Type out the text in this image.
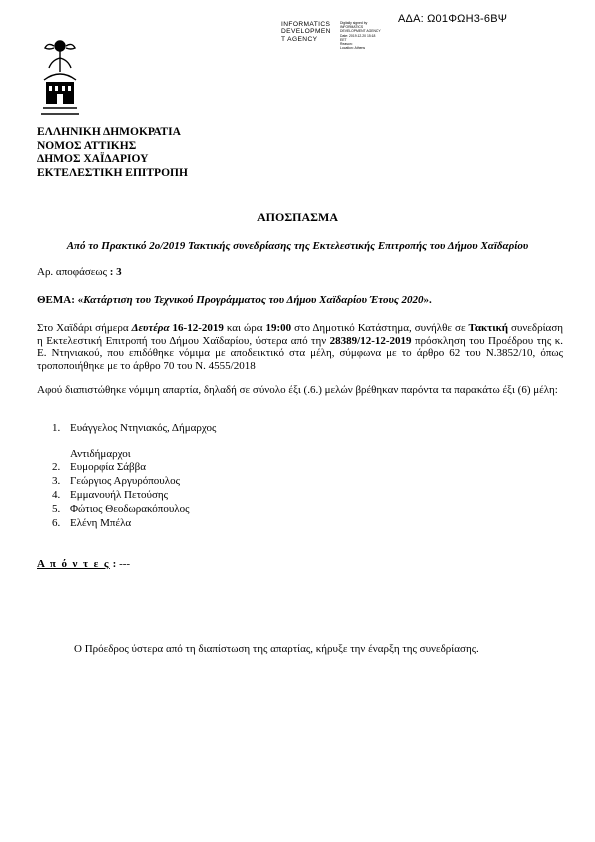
ΑΔΑ: Ω01ΦΩΗ3-6ΒΨ
INFORMATICS
DEVELOPMEN
T AGENCY
Digitally signed by
INFORMATICS
DEVELOPMENT AGENCY
Date: 2019.12.20 15:18
EET
Reason:
Location: Athens
ΕΛΛΗΝΙΚΗ ΔΗΜΟΚΡΑΤΙΑ
ΝΟΜΟΣ ΑΤΤΙΚΗΣ
ΔΗΜΟΣ ΧΑΪΔΑΡΙΟΥ
ΕΚΤΕΛΕΣΤΙΚΗ ΕΠΙΤΡΟΠΗ
ΑΠΟΣΠΑΣΜΑ
Από το Πρακτικό 2ο/2019 Τακτικής συνεδρίασης της Εκτελεστικής Επιτροπής του Δήμου Χαϊδαρίου
Αρ. αποφάσεως : 3
ΘΕΜΑ: «Κατάρτιση του Τεχνικού Προγράμματος του Δήμου Χαϊδαρίου Έτους 2020».
Στο Χαϊδάρι σήμερα Δευτέρα 16-12-2019 και ώρα 19:00 στο Δημοτικό Κατάστημα, συνήλθε σε Τακτική συνεδρίαση η Εκτελεστική Επιτροπή του Δήμου Χαϊδαρίου, ύστερα από την 28389/12-12-2019 πρόσκληση του Προέδρου της κ. Ε. Ντηνιακού, που επιδόθηκε νόμιμα με αποδεικτικό στα μέλη, σύμφωνα με το άρθρο 62 του Ν.3852/10, όπως τροποποιήθηκε με το άρθρο 70 του Ν. 4555/2018
Αφού διαπιστώθηκε νόμιμη απαρτία, δηλαδή σε σύνολο έξι (.6.) μελών βρέθηκαν παρόντα τα παρακάτω έξι (6) μέλη:
1. Ευάγγελος Ντηνιακός, Δήμαρχος
Αντιδήμαρχοι
2. Ευμορφία Σάββα
3. Γεώργιος Αργυρόπουλος
4. Εμμανουήλ Πετούσης
5. Φώτιος Θεοδωρακόπουλος
6. Ελένη Μπέλα
Α π ό ν τ ε ς : ---
Ο Πρόεδρος ύστερα από τη διαπίστωση της απαρτίας, κήρυξε την έναρξη της συνεδρίασης.
